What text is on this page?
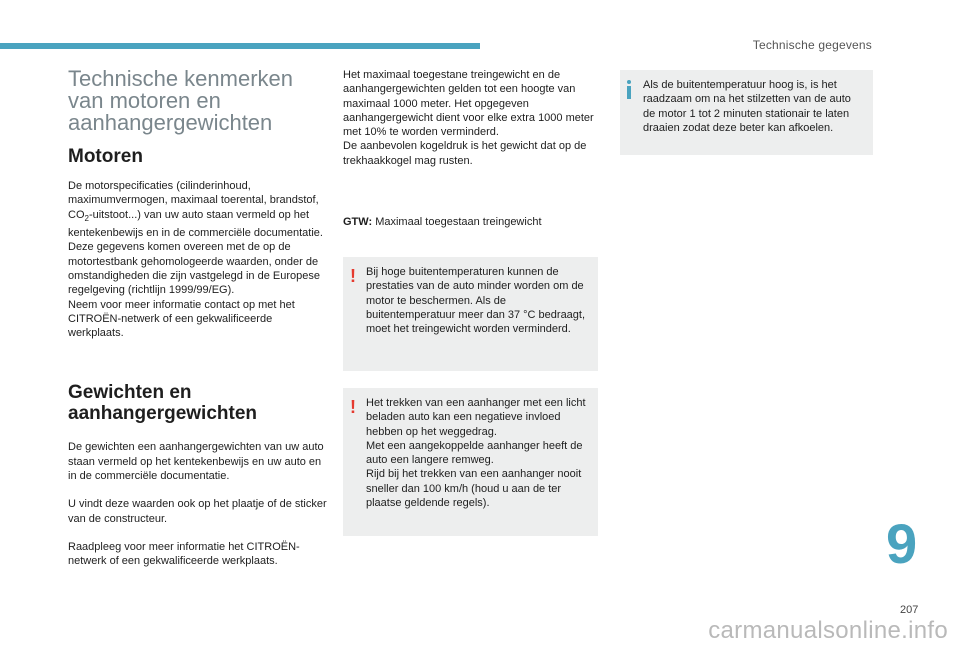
Technische gegevens
Technische kenmerken
van motoren en
aanhangergewichten
Motoren

De motorspecificaties (cilinderinhoud, maximumvermogen, maximaal toerental, brandstof, $CO_2-uitstoot$...) van uw auto staan vermeld op het kentekenbewijs en in de commerciële documentatie.

Deze gegevens komen overeen met de op de motortestbank gehomologeerde waarden, onder de omstandigheden die zijn vastgelegd in de Europese regelgeving (richtlijn 1999/99/EG).

Neem voor meer informatie contact op met het CITROËN-netwerk of een gekwalificeerde werkplaats.

Gewichten en
aanhangergewichten

De gewichten een aanhangergewichten van uw auto staan vermeld op het kentekenbewijs en uw auto en in de commerciële documentatie.

U vindt deze waarden ook op het plaatje of de sticker van de constructeur.

Raadpleeg voor meer informatie het CITROËN-netwerk of een gekwalificeerde werkplaats.

Het maximaal toegestane treingewicht en de aanhangergewichten gelden tot een hoogte van maximaal 1000 meter. Het opgegeven aanhangergewicht dient voor elke extra 1000 meter met 10% te worden verminderd.

De aanbevolen kogeldruk is het gewicht dat op de trekhaakkogel mag rusten.

GTW: Maximaal toegestaan treingewicht

! Bij hoge buitentemperaturen kunnen de prestaties van de auto minder worden om de motor te beschermen. Als de buitentemperatuur meer dan 37 °C bedraagt, moet het treingewicht worden verminderd.

! Het trekken van een aanhanger met een licht beladen auto kan een negatieve invloed hebben op het weggedrag.

Met een aangekoppelde aanhanger heeft de auto een langere remweg.

Rijd bij het trekken van een aanhanger nooit sneller dan 100 km/h (houd u aan de ter plaatse geldende regels).

Als de buitentemperatuur hoog is, is het raadzaam om na het stilzetten van de auto de motor 1 tot 2 minuten stationair te laten draaien zodat deze beter kan afkoelen.

9
207
carmanualsonline.info
